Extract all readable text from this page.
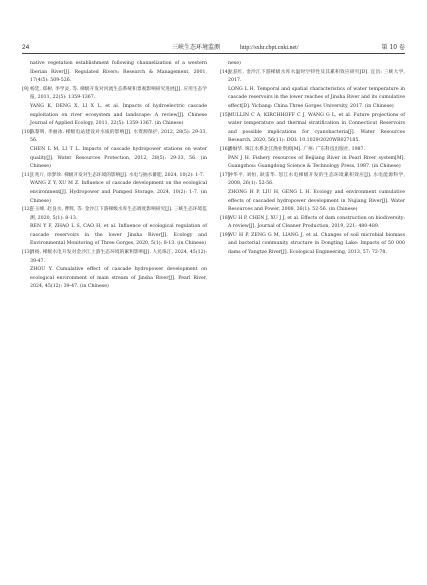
24	三峡生态环境监测	http://sxhr.cbpt.cnki.net/	第 10 卷
native vegetation establishment following channelization of a western Iberian River[J]. Regulated Rivers: Research & Management, 2001, 17(4/5): 509-526.
[9] 杨廷, 郑树, 李学灵, 等. 梯级开发对河流生态系统和景观影响研究进展[J]. 应用生态学报, 2011, 22(5): 1359-1367.
YANG K, DENG X, LI X L, et al. Impacts of hydroelectric cascade exploitation on river ecosystem and landscape: A review[J]. Chinese Journal of Applied Ecology, 2011, 22(5): 1359-1367. (in Chinese)
[10]
陈黎明, 李丽冰. 梯级电站建设对水质的影响[J]. 水资源保护, 2012, 28(5): 29-33, 56.
CHEN L M, LI T L. Impacts of cascade hydropower stations on water quality[J]. Water Resources Protection, 2012, 28(5): 29-33, 56. (in Chinese)
[11]
王兆斤, 徐梦珍. 梯级开发对生态环境的影响[J]. 水电与抽水蓄能, 2024, 10(2): 1-7.
WANG Z Y, XU M Z. Influence of cascade development on the ecological environment[J]. Hydropower and Pumped Storage, 2024, 10(2): 1-7. (in Chinese)
[12]
任玉峰, 赵良水, 曹辉, 等. 金沙江下游梯级水库生态调度影响研究[J]. 三峡生态环境监测, 2020, 5(1): 8-13.
REN Y F, ZHAO L S, CAO H, et al. Influence of ecological regulation of cascade reservoirs in the lower Jinsha River[J]. Ecology and Environmental Monitoring of Three Gorges, 2020, 5(1): 8-13. (in Chinese)
[13]
周杨. 梯级水电开发对金沙江上游生态环境的累积影响[J]. 人民珠江, 2024, 45(12): 39-47.
ZHOU Y. Cumulative effect of cascade hydropower development on ecological environment of main stream of Jinsha River[J]. Pearl River, 2024, 45(12): 39-47. (in Chinese)
nese)
[14]
龙获红. 金沙江下游梯级水库水温时空特性及其累积效应研究[D]. 宜昌: 三峡大学, 2017.
LONG L H. Temporal and spatial characteristics of water temperature in cascade reservoirs in the lower reaches of Jinsha River and its cumulative effect[D]. Yichang: China Three Gorges University, 2017. (in Chinese)
[15]
MULLIN C A, KIRCHHOFF C J, WANG G L, et al. Future projections of water temperature and thermal stratification in Connecticut Reservoirs and possible implications for cyanobacteria[J]. Water Resources Research, 2020, 56(11): DOI: 10.1029/2020WR027185.
[16]
潘炯华. 珠江水系北江渔业资源[M]. 广州: 广东科技出版社, 1987.
PAN J H. Fishery resources of Beijiang River in Pearl River system[M]. Guangzhou: Guangdong Science & Technology Press, 1987. (in Chinese)
[17]
钟华平, 刘恒, 耿雷华. 怒江水电梯级开发的生态环境累积效应[J]. 水电能源科学, 2008, 26(1): 52-56.
ZHONG H P, LIU H, GENG L H. Ecology and environment cumulative effects of cascaded hydropower development in Nujiang River[J]. Water Resources and Power, 2008, 26(1): 52-56. (in Chinese)
[18]
WU H P, CHEN J, XU J J, et al. Effects of dam construction on biodiversity: A review[J]. Journal of Cleaner Production, 2019, 221: 480-489.
[19]
WU H P, ZENG G M, LIANG J, et al. Changes of soil microbial biomass and bacterial community structure in Dongting Lake: Impacts of 50 000 dams of Yangtze River[J]. Ecological Engineering, 2013, 57: 72-78.
